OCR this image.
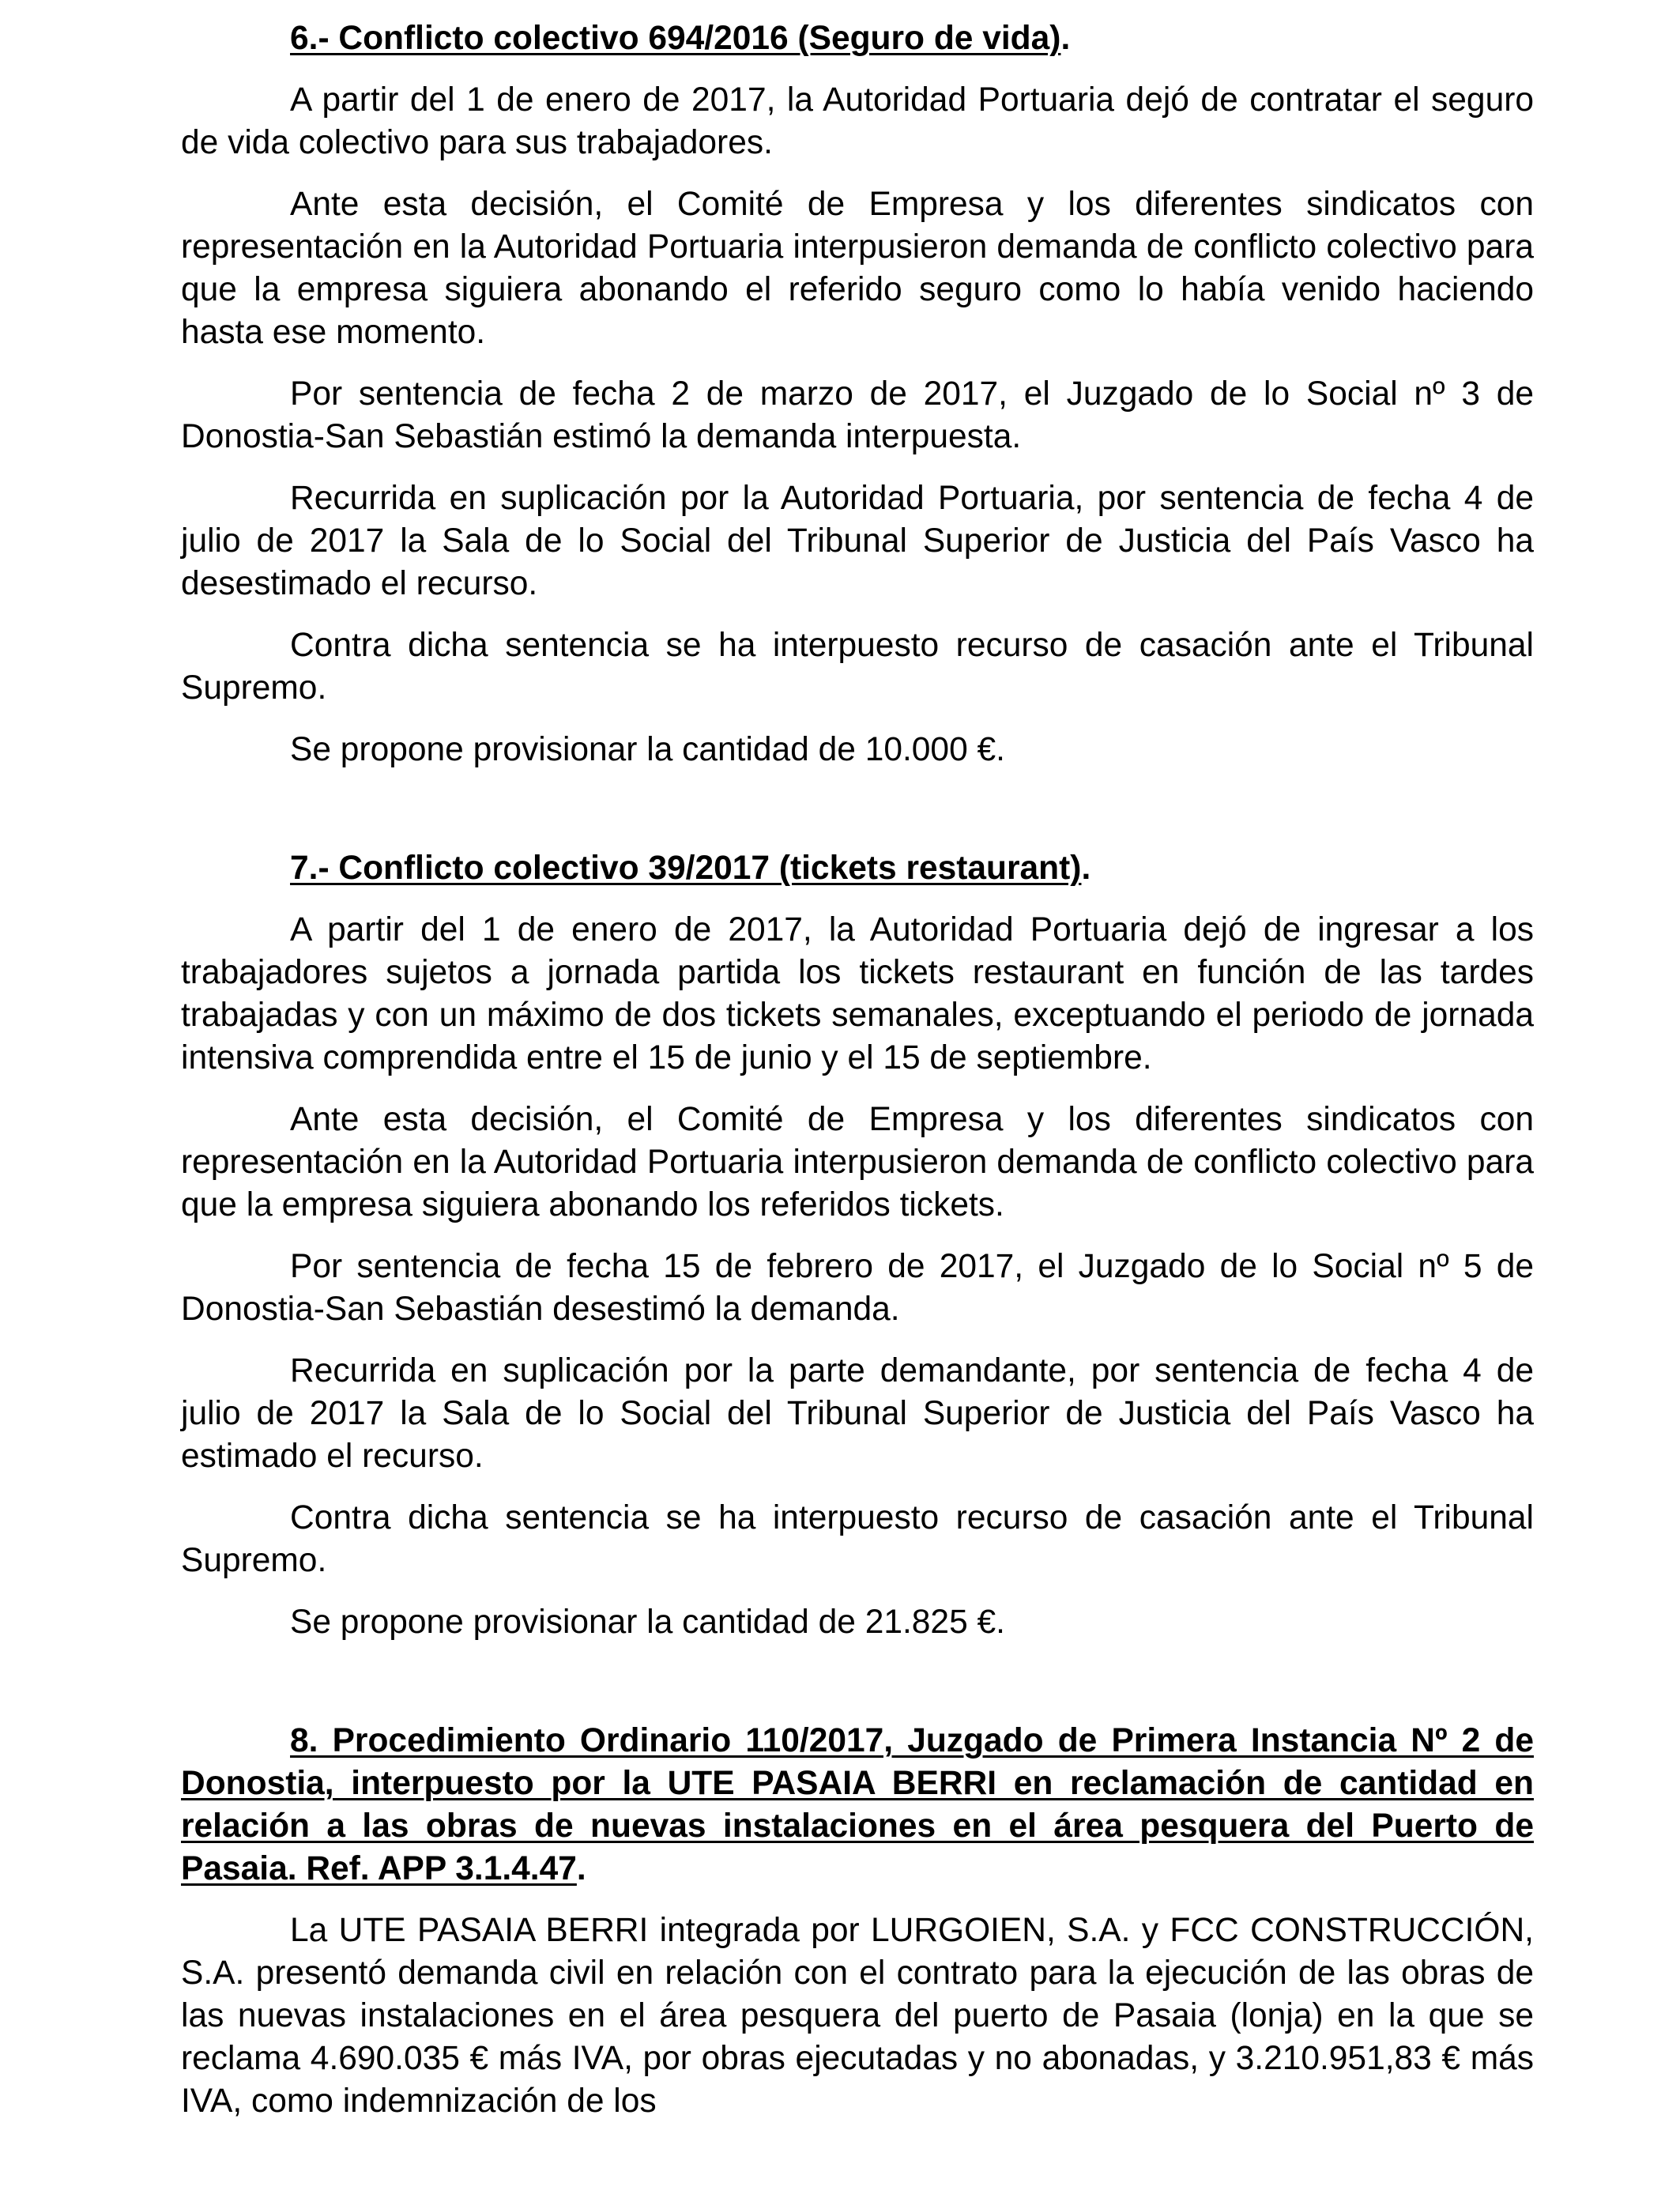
6.- Conflicto colectivo 694/2016 (Seguro de vida).

A partir del 1 de enero de 2017, la Autoridad Portuaria dejó de contratar el seguro de vida colectivo para sus trabajadores.

Ante esta decisión, el Comité de Empresa y los diferentes sindicatos con representación en la Autoridad Portuaria interpusieron demanda de conflicto colectivo para que la empresa siguiera abonando el referido seguro como lo había venido haciendo hasta ese momento.

Por sentencia de fecha 2 de marzo de 2017, el Juzgado de lo Social nº 3 de Donostia-San Sebastián estimó la demanda interpuesta.

Recurrida en suplicación por la Autoridad Portuaria, por sentencia de fecha 4 de julio de 2017 la Sala de lo Social del Tribunal Superior de Justicia del País Vasco ha desestimado el recurso.

Contra dicha sentencia se ha interpuesto recurso de casación ante el Tribunal Supremo.

Se propone provisionar la cantidad de 10.000 €.

7.- Conflicto colectivo 39/2017 (tickets restaurant).

A partir del 1 de enero de 2017, la Autoridad Portuaria dejó de ingresar a los trabajadores sujetos a jornada partida los tickets restaurant en función de las tardes trabajadas y con un máximo de dos tickets semanales, exceptuando el periodo de jornada intensiva comprendida entre el 15 de junio y el 15 de septiembre.

Ante esta decisión, el Comité de Empresa y los diferentes sindicatos con representación en la Autoridad Portuaria interpusieron demanda de conflicto colectivo para que la empresa siguiera abonando los referidos tickets.

Por sentencia de fecha 15 de febrero de 2017, el Juzgado de lo Social nº 5 de Donostia-San Sebastián desestimó la demanda.

Recurrida en suplicación por la parte demandante, por sentencia de fecha 4 de julio de 2017 la Sala de lo Social del Tribunal Superior de Justicia del País Vasco ha estimado el recurso.

Contra dicha sentencia se ha interpuesto recurso de casación ante el Tribunal Supremo.

Se propone provisionar la cantidad de 21.825 €.

8. Procedimiento Ordinario 110/2017, Juzgado de Primera Instancia Nº 2 de Donostia, interpuesto por la UTE PASAIA BERRI en reclamación de cantidad en relación a las obras de nuevas instalaciones en el área pesquera del Puerto de Pasaia. Ref. APP 3.1.4.47.

La UTE PASAIA BERRI integrada por LURGOIEN, S.A. y FCC CONSTRUCCIÓN, S.A. presentó demanda civil en relación con el contrato para la ejecución de las obras de las nuevas instalaciones en el área pesquera del puerto de Pasaia (lonja) en la que se reclama 4.690.035 € más IVA, por obras ejecutadas y no abonadas, y 3.210.951,83 € más IVA, como indemnización de los
